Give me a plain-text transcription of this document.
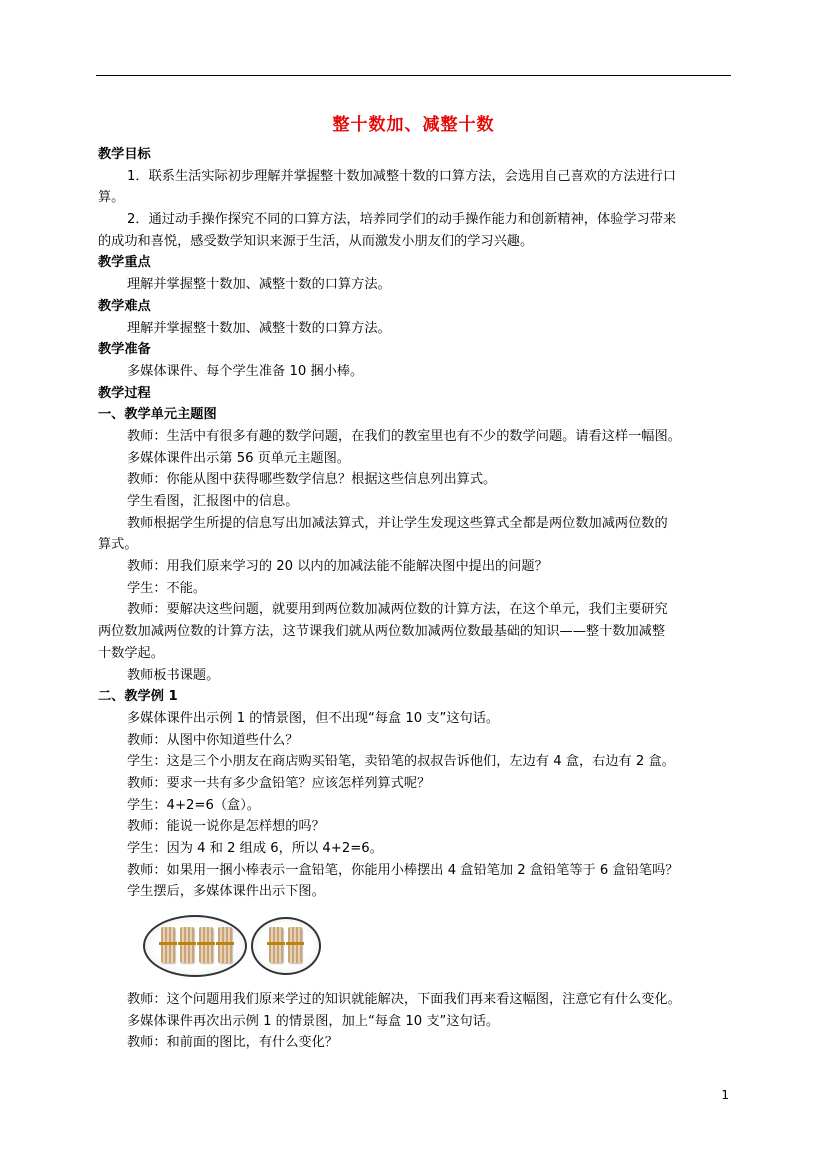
整十数加、减整十数
教学目标
1．联系生活实际初步理解并掌握整十数加减整十数的口算方法，会选用自己喜欢的方法进行口
算。
2．通过动手操作探究不同的口算方法，培养同学们的动手操作能力和创新精神，体验学习带来
的成功和喜悦，感受数学知识来源于生活，从而激发小朋友们的学习兴趣。
教学重点
理解并掌握整十数加、减整十数的口算方法。
教学难点
理解并掌握整十数加、减整十数的口算方法。
教学准备
多媒体课件、每个学生准备 10 捆小棒。
教学过程
一、教学单元主题图
教师：生活中有很多有趣的数学问题，在我们的教室里也有不少的数学问题。请看这样一幅图。
多媒体课件出示第 56 页单元主题图。
教师：你能从图中获得哪些数学信息？根据这些信息列出算式。
学生看图，汇报图中的信息。
教师根据学生所提的信息写出加减法算式，并让学生发现这些算式全都是两位数加减两位数的
算式。
教师：用我们原来学习的 20 以内的加减法能不能解决图中提出的问题？
学生：不能。
教师：要解决这些问题，就要用到两位数加减两位数的计算方法，在这个单元，我们主要研究
两位数加减两位数的计算方法，这节课我们就从两位数加减两位数最基础的知识——整十数加减整
十数学起。
教师板书课题。
二、教学例 1
多媒体课件出示例 1 的情景图，但不出现“每盒 10 支”这句话。
教师：从图中你知道些什么？
学生：这是三个小朋友在商店购买铅笔，卖铅笔的叔叔告诉他们，左边有 4 盒，右边有 2 盒。
教师：要求一共有多少盒铅笔？应该怎样列算式呢？
学生：4+2=6（盒）。
教师：能说一说你是怎样想的吗？
学生：因为 4 和 2 组成 6，所以 4+2=6。
教师：如果用一捆小棒表示一盒铅笔，你能用小棒摆出 4 盒铅笔加 2 盒铅笔等于 6 盒铅笔吗？
学生摆后，多媒体课件出示下图。
教师：这个问题用我们原来学过的知识就能解决，下面我们再来看这幅图，注意它有什么变化。
多媒体课件再次出示例 1 的情景图，加上“每盒 10 支”这句话。
教师：和前面的图比，有什么变化？
1
